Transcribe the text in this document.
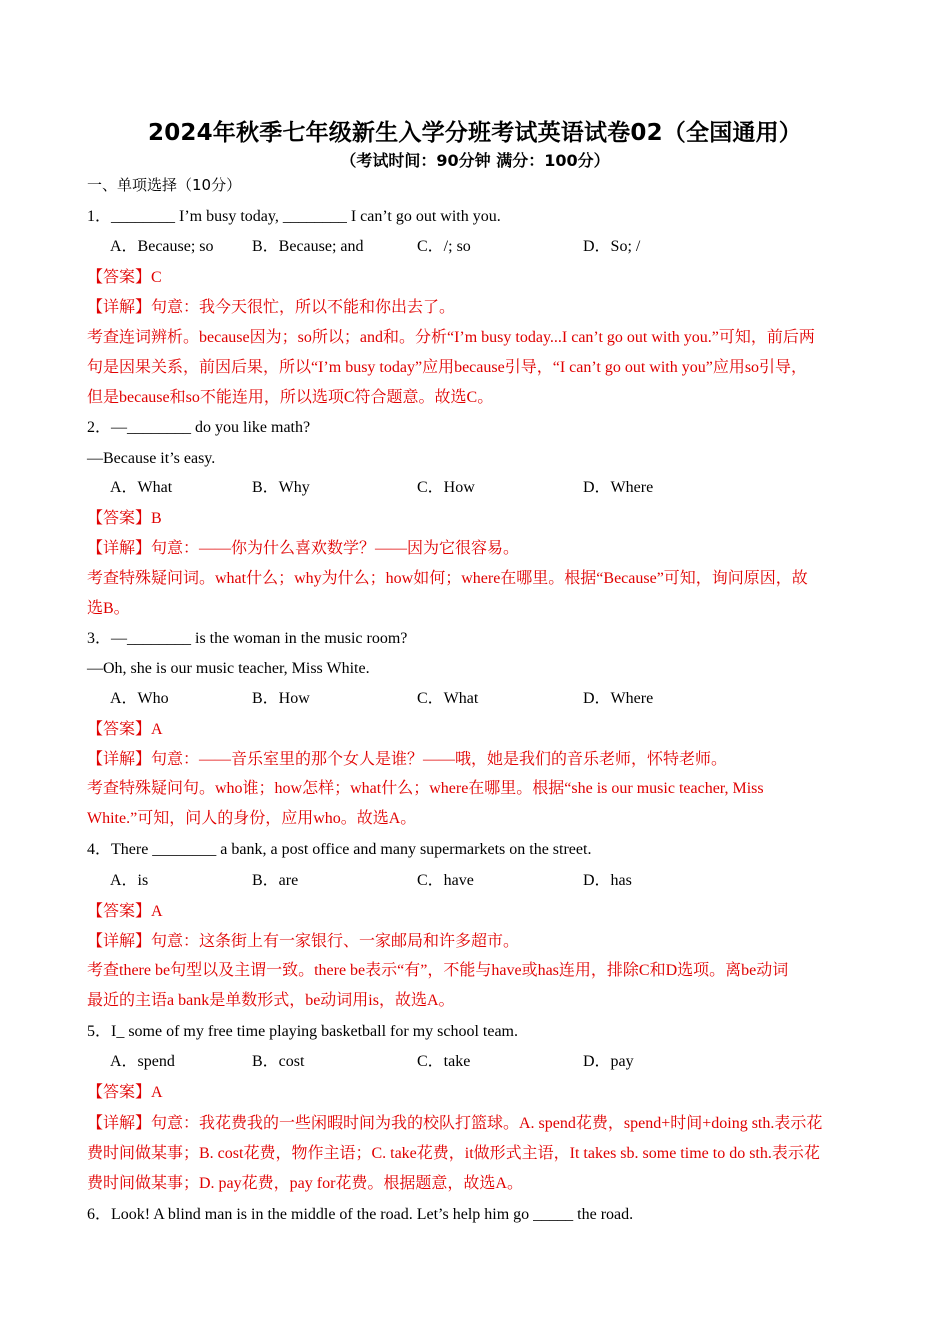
2024年秋季七年级新生入学分班考试英语试卷02（全国通用）
（考试时间：90分钟 满分：100分）
一、单项选择（10分）
1．________ I’m busy today, ________ I can’t go out with you.
A．Because; so B．Because; and	C．/; so	D．So; /
【答案】C
【详解】句意：我今天很忙，所以不能和你出去了。
考查连词辨析。because因为；so所以；and和。分析“I’m busy today...I can’t go out with you.”可知，前后两
句是因果关系，前因后果，所以“I’m busy today”应用because引导，“I can’t go out with you”应用so引导，
但是because和so不能连用，所以选项C符合题意。故选C。
2．—________ do you like math?
—Because it’s easy.
A．What	B．Why	C．How	D．Where
【答案】B
【详解】句意：——你为什么喜欢数学？——因为它很容易。
考查特殊疑问词。what什么；why为什么；how如何；where在哪里。根据“Because”可知，询问原因，故
选B。
3．—________ is the woman in the music room?
—Oh, she is our music teacher, Miss White.
A．Who	B．How	C．What	D．Where
【答案】A
【详解】句意：——音乐室里的那个女人是谁？——哦，她是我们的音乐老师，怀特老师。
考查特殊疑问句。who谁；how怎样；what什么；where在哪里。根据“she is our music teacher, Miss
White.”可知，问人的身份，应用who。故选A。
4．There ________ a bank, a post office and many supermarkets on the street.
A．is	B．are	C．have	D．has
【答案】A
【详解】句意：这条街上有一家银行、一家邮局和许多超市。
考查there be句型以及主谓一致。there be表示“有”，不能与have或has连用，排除C和D选项。离be动词
最近的主语a bank是单数形式，be动词用is，故选A。
5．I_ some of my free time playing basketball for my school team.
A．spend	B．cost	C．take	D．pay
【答案】A
【详解】句意：我花费我的一些闲暇时间为我的校队打篮球。A. spend花费，spend+时间+doing sth.表示花
费时间做某事；B. cost花费，物作主语；C. take花费，it做形式主语，It takes sb. some time to do sth.表示花
费时间做某事；D. pay花费，pay for花费。根据题意，故选A。
6．Look! A blind man is in the middle of the road. Let’s help him go _____ the road.
